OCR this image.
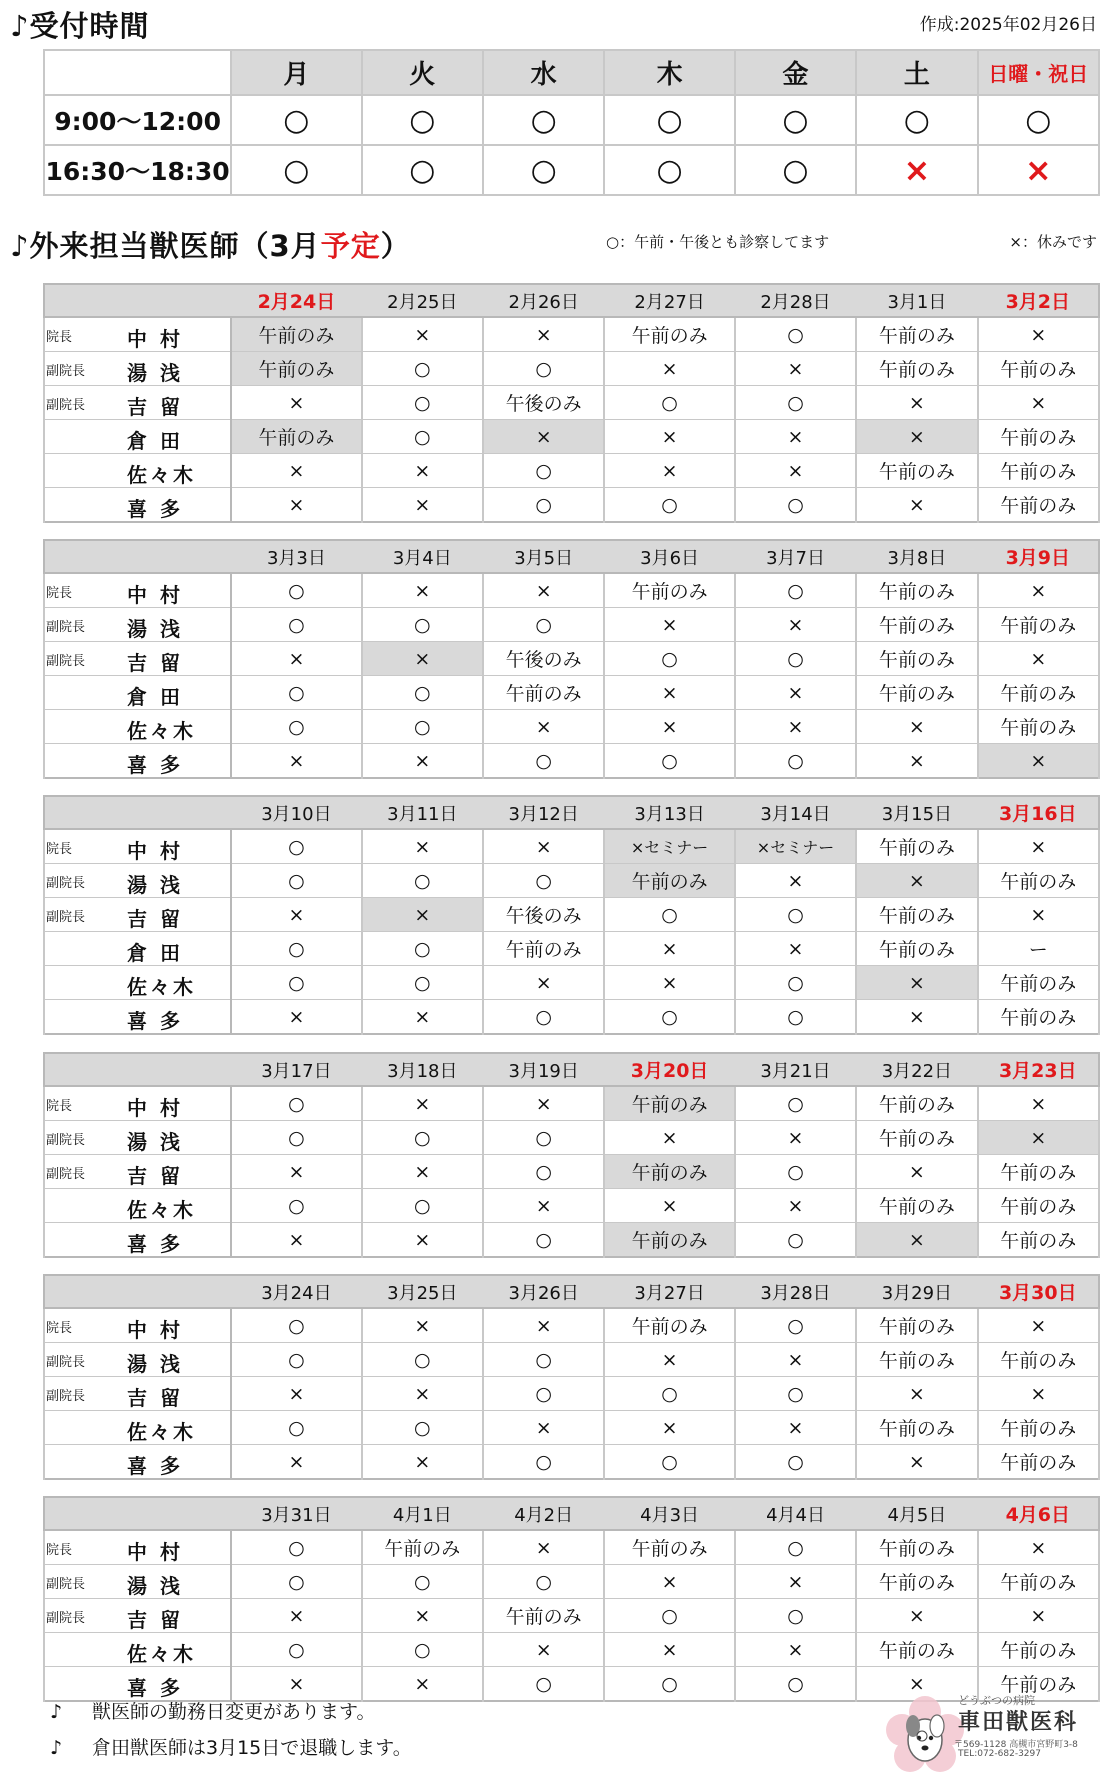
♪受付時間	作成:2025年02月26日
	月	火	水	木	金	土	日曜・祝日
9:00〜12:00	○	○	○	○	○	○	○
16:30〜18:30	○	○	○	○	○	×	×
♪外来担当獣医師（3月予定）	○：午前・午後とも診察してます	×：休みです
	2月24日	2月25日	2月26日	2月27日	2月28日	3月1日	3月2日

院長 中 村	午前のみ	×	×	午前のみ	○	午前のみ	×

副院長 湯 浅	午前のみ	○	○	×	×	午前のみ	午前のみ

副院長 吉 留	×	○	午後のみ	○	○	×	×

倉 田	午前のみ	○	×	×	×	×	午前のみ

佐々木	×	×	○	×	×	午前のみ	午前のみ

喜 多	×	×	○	○	○	×	午前のみ
	3月3日	3月4日	3月5日	3月6日	3月7日	3月8日	3月9日

院長 中 村	○	×	×	午前のみ	○	午前のみ	×

副院長 湯 浅	○	○	○	×	×	午前のみ	午前のみ

副院長 吉 留	×	×	午後のみ	○	○	午前のみ	×

倉 田	○	○	午前のみ	×	×	午前のみ	午前のみ

佐々木	○	○	×	×	×	×	午前のみ

喜 多	×	×	○	○	○	×	×
	3月10日	3月11日	3月12日	3月13日	3月14日	3月15日	3月16日

院長 中 村	○	×	×	×セミナー	×セミナー	午前のみ	×

副院長 湯 浅	○	○	○	午前のみ	×	×	午前のみ

副院長 吉 留	×	×	午後のみ	○	○	午前のみ	×

倉 田	○	○	午前のみ	×	×	午前のみ	ー

佐々木	○	○	×	×	○	×	午前のみ

喜 多	×	×	○	○	○	×	午前のみ
	3月17日	3月18日	3月19日	3月20日	3月21日	3月22日	3月23日

院長 中 村	○	×	×	午前のみ	○	午前のみ	×

副院長 湯 浅	○	○	○	×	×	午前のみ	×

副院長 吉 留	×	×	○	午前のみ	○	×	午前のみ

佐々木	○	○	×	×	×	午前のみ	午前のみ

喜 多	×	×	○	午前のみ	○	×	午前のみ
	3月24日	3月25日	3月26日	3月27日	3月28日	3月29日	3月30日

院長 中 村	○	×	×	午前のみ	○	午前のみ	×

副院長 湯 浅	○	○	○	×	×	午前のみ	午前のみ

副院長 吉 留	×	×	○	○	○	×	×

佐々木	○	○	×	×	×	午前のみ	午前のみ

喜 多	×	×	○	○	○	×	午前のみ
	3月31日	4月1日	4月2日	4月3日	4月4日	4月5日	4月6日

院長 中 村	○	午前のみ	×	午前のみ	○	午前のみ	×

副院長 湯 浅	○	○	○	×	×	午前のみ	午前のみ

副院長 吉 留	×	×	午前のみ	○	○	×	×

佐々木	○	○	×	×	×	午前のみ	午前のみ

喜 多	×	×	○	○	○	×	午前のみ
♪ 獣医師の勤務日変更があります。
♪ 倉田獣医師は3月15日で退職します。
どうぶつの病院
車田獣医科
〒569-1128 高槻市宮野町3-8
TEL:072-682-3297
